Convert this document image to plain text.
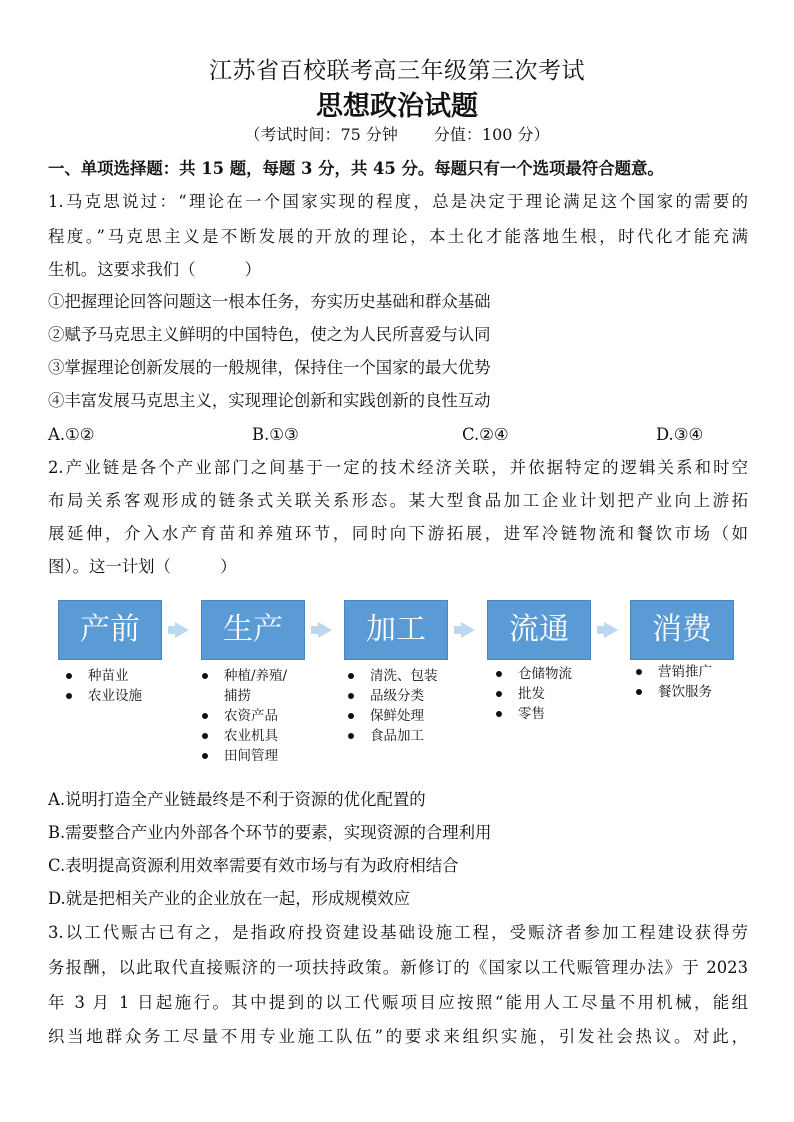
江苏省百校联考高三年级第三次考试
思想政治试题
（考试时间：75 分钟 分值：100 分）
一、单项选择题：共 15 题，每题 3 分，共 45 分。每题只有一个选项最符合题意。
1.马克思说过：“理论在一个国家实现的程度，总是决定于理论满足这个国家的需要的
程度。”马克思主义是不断发展的开放的理论，本土化才能落地生根，时代化才能充满
生机。这要求我们（　　　）
①把握理论回答问题这一根本任务，夯实历史基础和群众基础
②赋予马克思主义鲜明的中国特色，使之为人民所喜爱与认同
③掌握理论创新发展的一般规律，保持住一个国家的最大优势
④丰富发展马克思主义，实现理论创新和实践创新的良性互动
A.①②	B.①③	C.②④	D.③④
2.产业链是各个产业部门之间基于一定的技术经济关联，并依据特定的逻辑关系和时空
布局关系客观形成的链条式关联关系形态。某大型食品加工企业计划把产业向上游拓
展延伸，介入水产育苗和养殖环节，同时向下游拓展，进军冷链物流和餐饮市场（如
图）。这一计划（　　　）
产前	生产	加工	流通	消费
种苗业
农业设施
种植/养殖/
捕捞
农资产品
农业机具
田间管理
清洗、包装
品级分类
保鲜处理
食品加工
仓储物流
批发
零售
营销推广
餐饮服务
A.说明打造全产业链最终是不利于资源的优化配置的
B.需要整合产业内外部各个环节的要素，实现资源的合理利用
C.表明提高资源利用效率需要有效市场与有为政府相结合
D.就是把相关产业的企业放在一起，形成规模效应
3.以工代赈古已有之，是指政府投资建设基础设施工程，受赈济者参加工程建设获得劳
务报酬，以此取代直接赈济的一项扶持政策。新修订的《国家以工代赈管理办法》于 2023
年 3 月 1 日起施行。其中提到的以工代赈项目应按照“能用人工尽量不用机械，能组
织当地群众务工尽量不用专业施工队伍”的要求来组织实施，引发社会热议。对此，
